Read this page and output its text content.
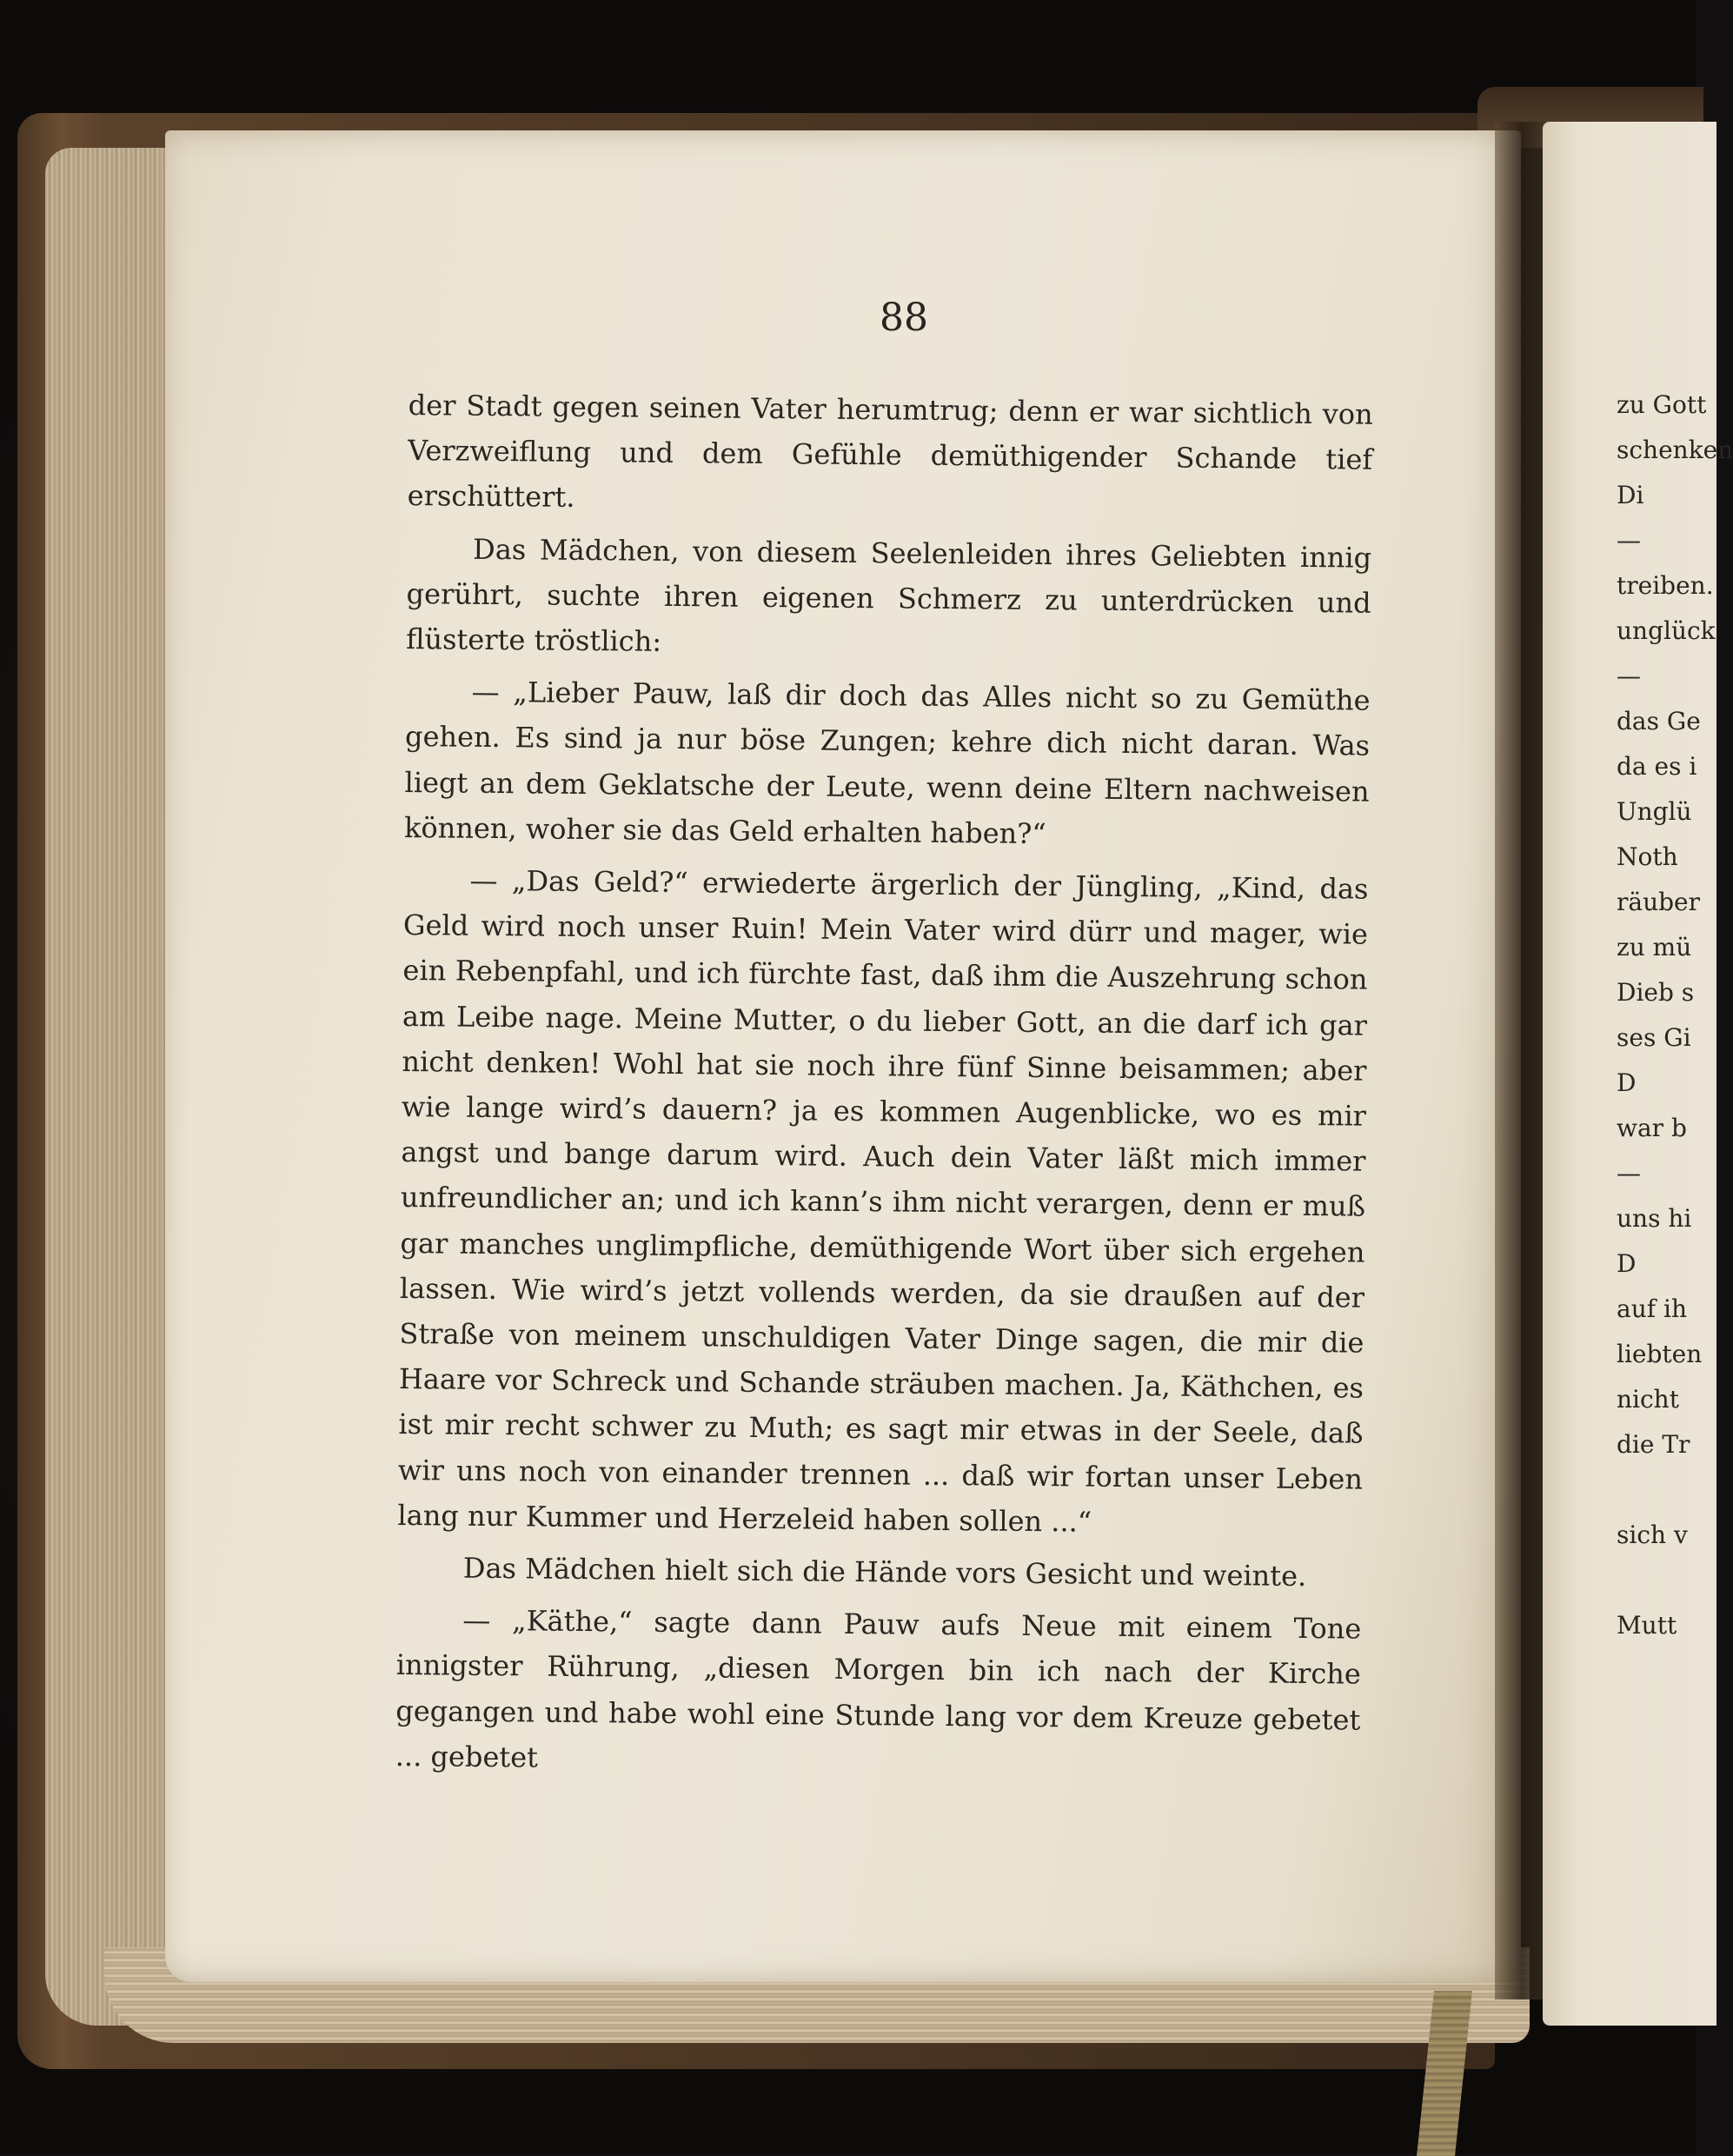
88

der Stadt gegen seinen Vater herumtrug; denn er war sichtlich von Verzweiflung und dem Gefühle demüthigender Schande tief erschüttert.

Das Mädchen, von diesem Seelenleiden ihres Geliebten innig gerührt, suchte ihren eigenen Schmerz zu unterdrücken und flüsterte tröstlich:

— „Lieber Pauw, laß dir doch das Alles nicht so zu Gemüthe gehen. Es sind ja nur böse Zungen; kehre dich nicht daran. Was liegt an dem Geklatsche der Leute, wenn deine Eltern nachweisen können, woher sie das Geld erhalten haben?“

— „Das Geld?“ erwiederte ärgerlich der Jüngling, „Kind, das Geld wird noch unser Ruin! Mein Vater wird dürr und mager, wie ein Rebenpfahl, und ich fürchte fast, daß ihm die Auszehrung schon am Leibe nage. Meine Mutter, o du lieber Gott, an die darf ich gar nicht denken! Wohl hat sie noch ihre fünf Sinne beisammen; aber wie lange wird’s dauern? ja es kommen Augenblicke, wo es mir angst und bange darum wird. Auch dein Vater läßt mich immer unfreundlicher an; und ich kann’s ihm nicht verargen, denn er muß gar manches unglimpfliche, demüthigende Wort über sich ergehen lassen. Wie wird’s jetzt vollends werden, da sie draußen auf der Straße von meinem unschuldigen Vater Dinge sagen, die mir die Haare vor Schreck und Schande sträuben machen. Ja, Käthchen, es ist mir recht schwer zu Muth; es sagt mir etwas in der Seele, daß wir uns noch von einander trennen ... daß wir fortan unser Leben lang nur Kummer und Herzeleid haben sollen ...“

Das Mädchen hielt sich die Hände vors Gesicht und weinte.

— „Käthe,“ sagte dann Pauw aufs Neue mit einem Tone innigster Rührung, „diesen Morgen bin ich nach der Kirche gegangen und habe wohl eine Stunde lang vor dem Kreuze gebetet ... gebetet

zu Gott
schenken
Di
—
treiben.
unglück
—
das Ge
da es i
Unglü
Noth
räuber
zu mü
Dieb s
ses Gi
D
war b
—
uns hi
D
auf ih
liebten
nicht
die Tr
sich v
Mutt
